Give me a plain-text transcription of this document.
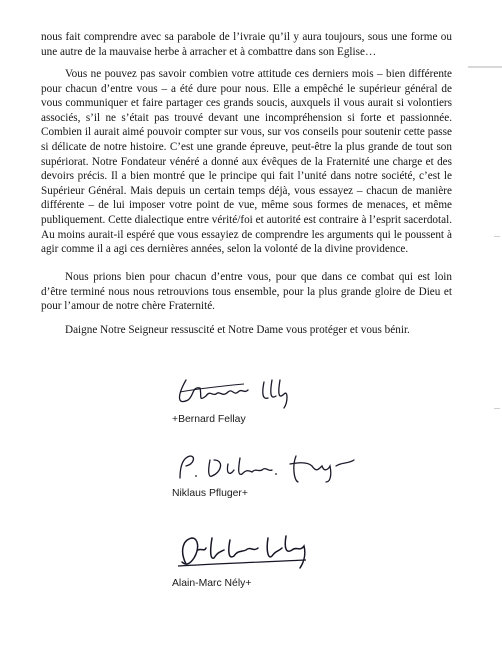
nous fait comprendre avec sa parabole de l’ivraie qu’il y aura toujours, sous une forme ou une autre de la mauvaise herbe à arracher et à combattre dans son Eglise…

Vous ne pouvez pas savoir combien votre attitude ces derniers mois – bien différente pour chacun d’entre vous – a été dure pour nous. Elle a empêché le supérieur général de vous communiquer et faire partager ces grands soucis, auxquels il vous aurait si volontiers associés, s’il ne s’était pas trouvé devant une incompréhension si forte et passionnée. Combien il aurait aimé pouvoir compter sur vous, sur vos conseils pour soutenir cette passe si délicate de notre histoire. C’est une grande épreuve, peut-être la plus grande de tout son supériorat. Notre Fondateur vénéré a donné aux évêques de la Fraternité une charge et des devoirs précis. Il a bien montré que le principe qui fait l’unité dans notre société, c’est le Supérieur Général. Mais depuis un certain temps déjà, vous essayez – chacun de manière différente – de lui imposer votre point de vue, même sous formes de menaces, et même publiquement. Cette dialectique entre vérité/foi et autorité est contraire à l’esprit sacerdotal. Au moins aurait-il espéré que vous essayiez de comprendre les arguments qui le poussent à agir comme il a agi ces dernières années, selon la volonté de la divine providence.

Nous prions bien pour chacun d’entre vous, pour que dans ce combat qui est loin d’être terminé nous nous retrouvions tous ensemble, pour la plus grande gloire de Dieu et pour l’amour de notre chère Fraternité.

Daigne Notre Seigneur ressuscité et Notre Dame vous protéger et vous bénir.

+Bernard Fellay

Niklaus Pfluger+

Alain-Marc Nély+
